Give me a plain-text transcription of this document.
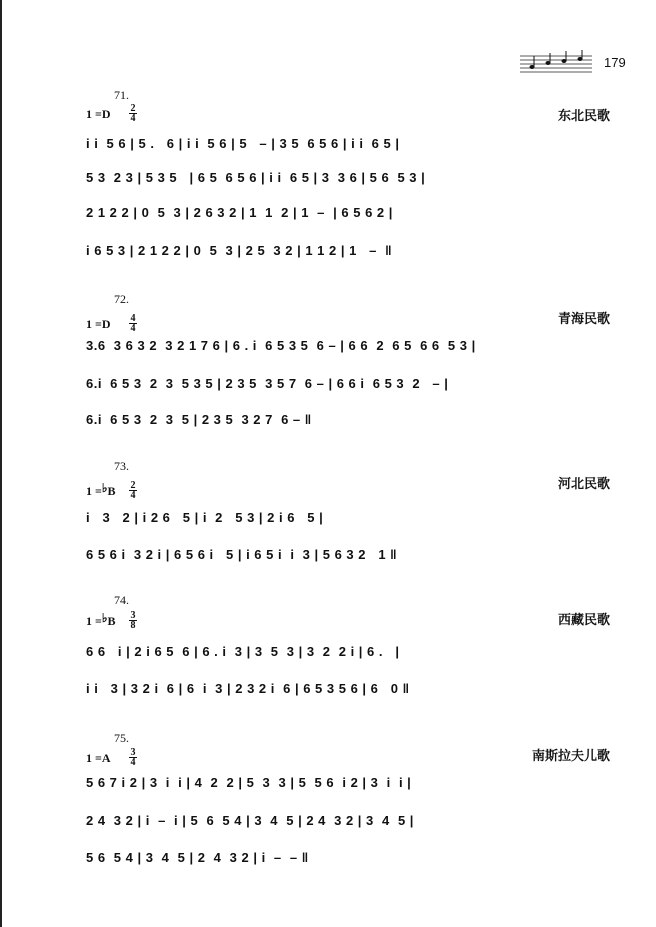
179
71.
1 =D 2
4	东北民歌
i i  5 6 | 5 .   6 | i i  5 6 | 5   – | 3 5  6 5 6 | i i  6 5 |
5 3  2 3 | 5 3 5   | 6 5  6 5 6 | i i  6 5 | 3  3 6 | 5 6  5 3 |
2 1 2 2 | 0  5  3 | 2 6 3 2 | 1  1  2 | 1  –  | 6 5 6 2 |
i 6 5 3 | 2 1 2 2 | 0  5  3 | 2 5  3 2 | 1 1 2 | 1   –  ‖
72.
1 =D 4
4
青海民歌
3.6  3 6 3 2  3 2 1 7 6 | 6 . i  6 5 3 5  6 – | 6 6  2  6 5  6 6  5 3 |
6.i  6 5 3  2  3  5 3 5 | 2 3 5  3 5 7  6 – | 6 6 i  6 5 3  2   – |
6.i  6 5 3  2  3  5 | 2 3 5  3 2 7  6 – ‖
73.
1 =♭B 2
4
河北民歌
i   3   2 | i 2 6   5 | i  2   5 3 | 2 i 6   5 |
6 5 6 i  3 2 i | 6 5 6 i   5 | i 6 5 i  i  3 | 5 6 3 2   1 ‖
74.
1 =♭B 3
8	西藏民歌
6 6   i | 2 i 6 5  6 | 6 . i  3 | 3  5  3 | 3  2  2 i | 6 .   |
i i   3 | 3 2 i  6 | 6  i  3 | 2 3 2 i  6 | 6 5 3 5 6 | 6   0 ‖
75.
1 =A 3
4	南斯拉夫儿歌
5 6 7 i 2 | 3  i  i | 4  2  2 | 5  3  3 | 5  5 6  i 2 | 3  i  i |
2 4  3 2 | i  –  i | 5  6  5 4 | 3  4  5 | 2 4  3 2 | 3  4  5 |
5 6  5 4 | 3  4  5 | 2  4  3 2 | i  –  – ‖
